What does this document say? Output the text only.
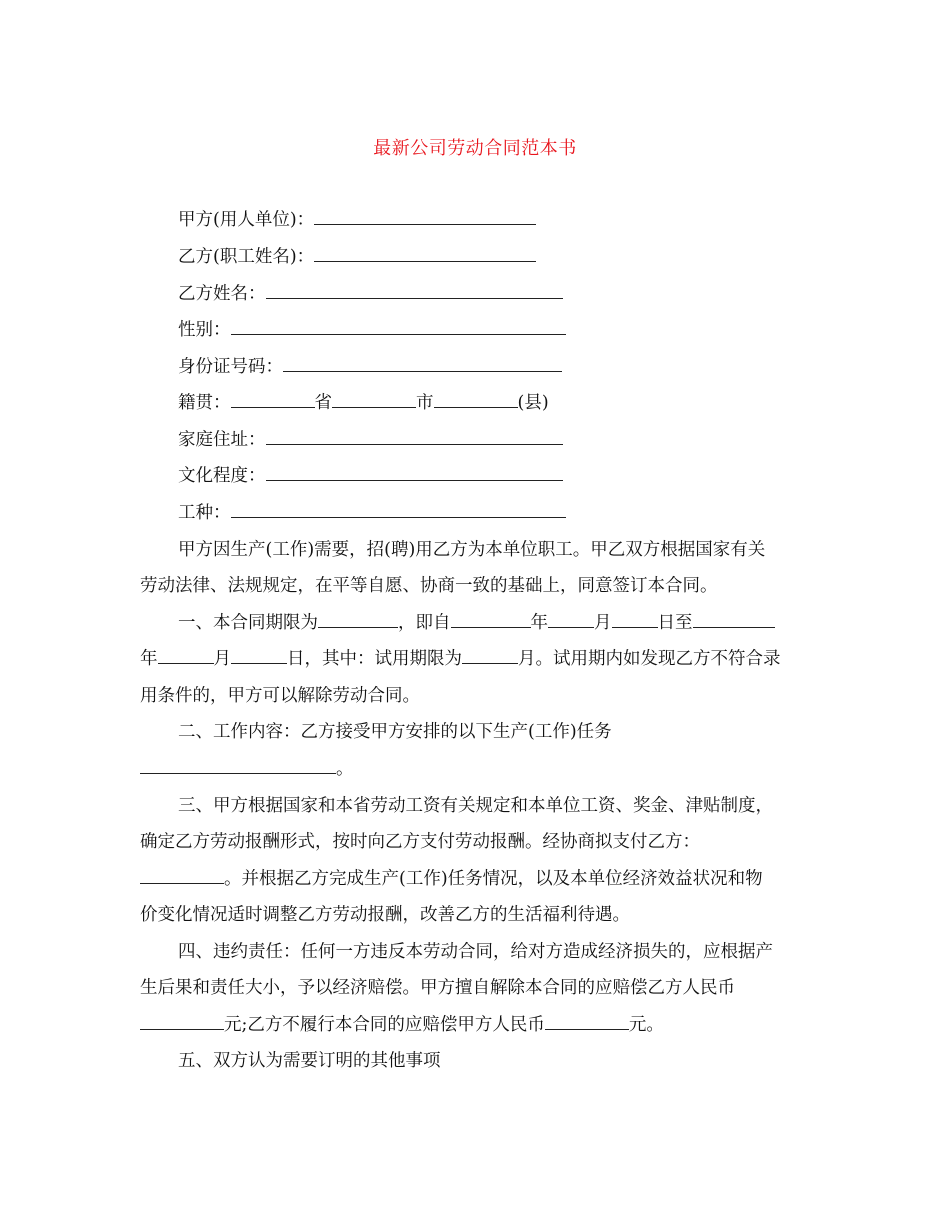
最新公司劳动合同范本书
甲方(用人单位)：
乙方(职工姓名)：
乙方姓名：
性别：
身份证号码：
籍贯：	省	市	(县)
家庭住址：
文化程度：
工种：
甲方因生产(工作)需要，招(聘)用乙方为本单位职工。甲乙双方根据国家有关
劳动法律、法规规定，在平等自愿、协商一致的基础上，同意签订本合同。
一、本合同期限为	，即自	年	月	日至
年	月	日，其中：试用期限为	月。试用期内如发现乙方不符合录
用条件的，甲方可以解除劳动合同。
二、工作内容：乙方接受甲方安排的以下生产(工作)任务
。
三、甲方根据国家和本省劳动工资有关规定和本单位工资、奖金、津贴制度，
确定乙方劳动报酬形式，按时向乙方支付劳动报酬。经协商拟支付乙方：
。并根据乙方完成生产(工作)任务情况，以及本单位经济效益状况和物
价变化情况适时调整乙方劳动报酬，改善乙方的生活福利待遇。
四、违约责任：任何一方违反本劳动合同，给对方造成经济损失的，应根据产
生后果和责任大小，予以经济赔偿。甲方擅自解除本合同的应赔偿乙方人民币
元;乙方不履行本合同的应赔偿甲方人民币	元。
五、双方认为需要订明的其他事项
